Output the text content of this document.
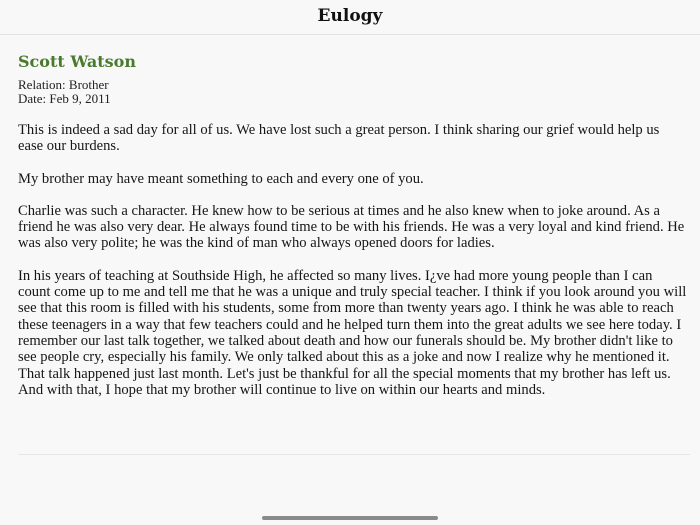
Eulogy
Scott Watson
Relation: Brother
Date: Feb 9, 2011

This is indeed a sad day for all of us. We have lost such a great person. I think sharing our grief would help us ease our burdens.

My brother may have meant something to each and every one of you.

Charlie was such a character. He knew how to be serious at times and he also knew when to joke around. As a friend he was also very dear. He always found time to be with his friends. He was a very loyal and kind friend. He was also very polite; he was the kind of man who always opened doors for ladies.

In his years of teaching at Southside High, he affected so many lives. I¿ve had more young people than I can count come up to me and tell me that he was a unique and truly special teacher. I think if you look around you will see that this room is filled with his students, some from more than twenty years ago. I think he was able to reach these teenagers in a way that few teachers could and he helped turn them into the great adults we see here today. I remember our last talk together, we talked about death and how our funerals should be. My brother didn't like to see people cry, especially his family. We only talked about this as a joke and now I realize why he mentioned it. That talk happened just last month. Let's just be thankful for all the special moments that my brother has left us. And with that, I hope that my brother will continue to live on within our hearts and minds.
